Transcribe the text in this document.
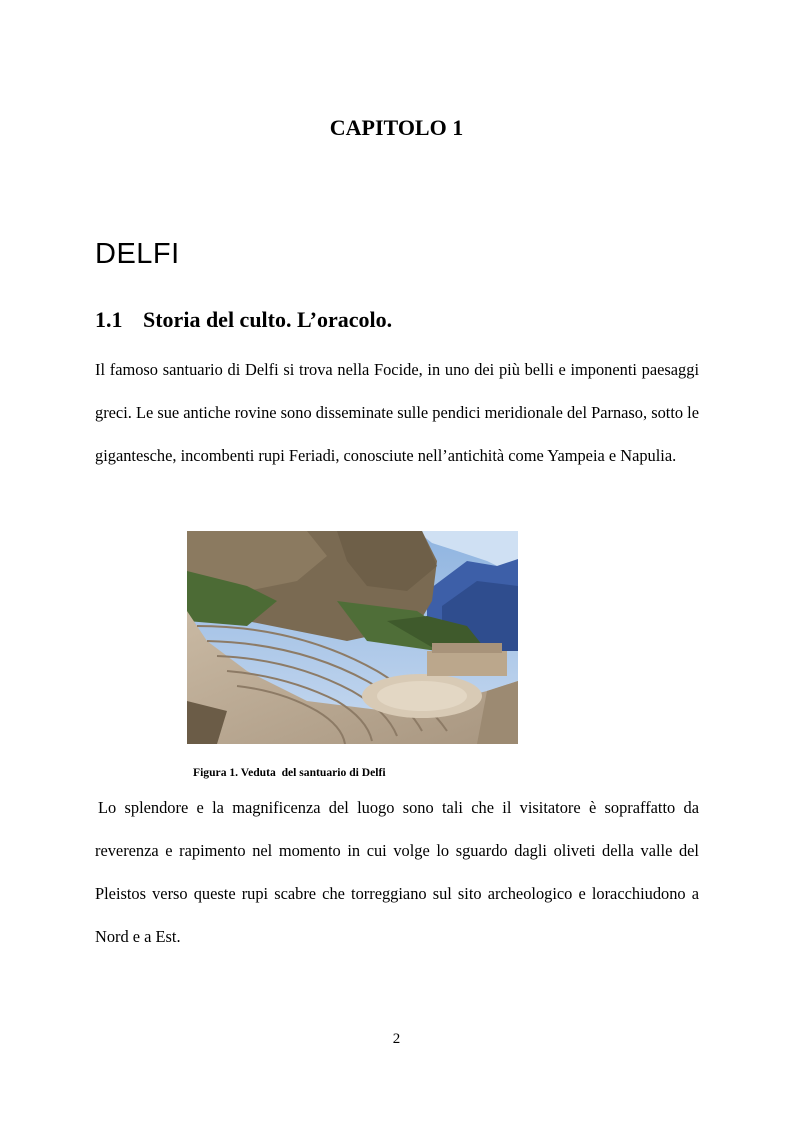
CAPITOLO 1
DELFI
1.1 Storia del culto. L’oracolo.

Il famoso santuario di Delfi si trova nella Focide, in uno dei più belli e imponenti paesaggi greci. Le sue antiche rovine sono disseminate sulle pendici meridionale del Parnaso, sotto le gigantesche, incombenti rupi Feriadi, conosciute nell’antichità come Yampeia e Napulia.

Figura 1. Veduta  del santuario di Delfi

Lo splendore e la magnificenza del luogo sono tali che il visitatore è sopraffatto da reverenza e rapimento nel momento in cui volge lo sguardo dagli oliveti della valle del Pleistos verso queste rupi scabre che torreggiano sul sito archeologico e loracchiudono a Nord e a Est.

2
